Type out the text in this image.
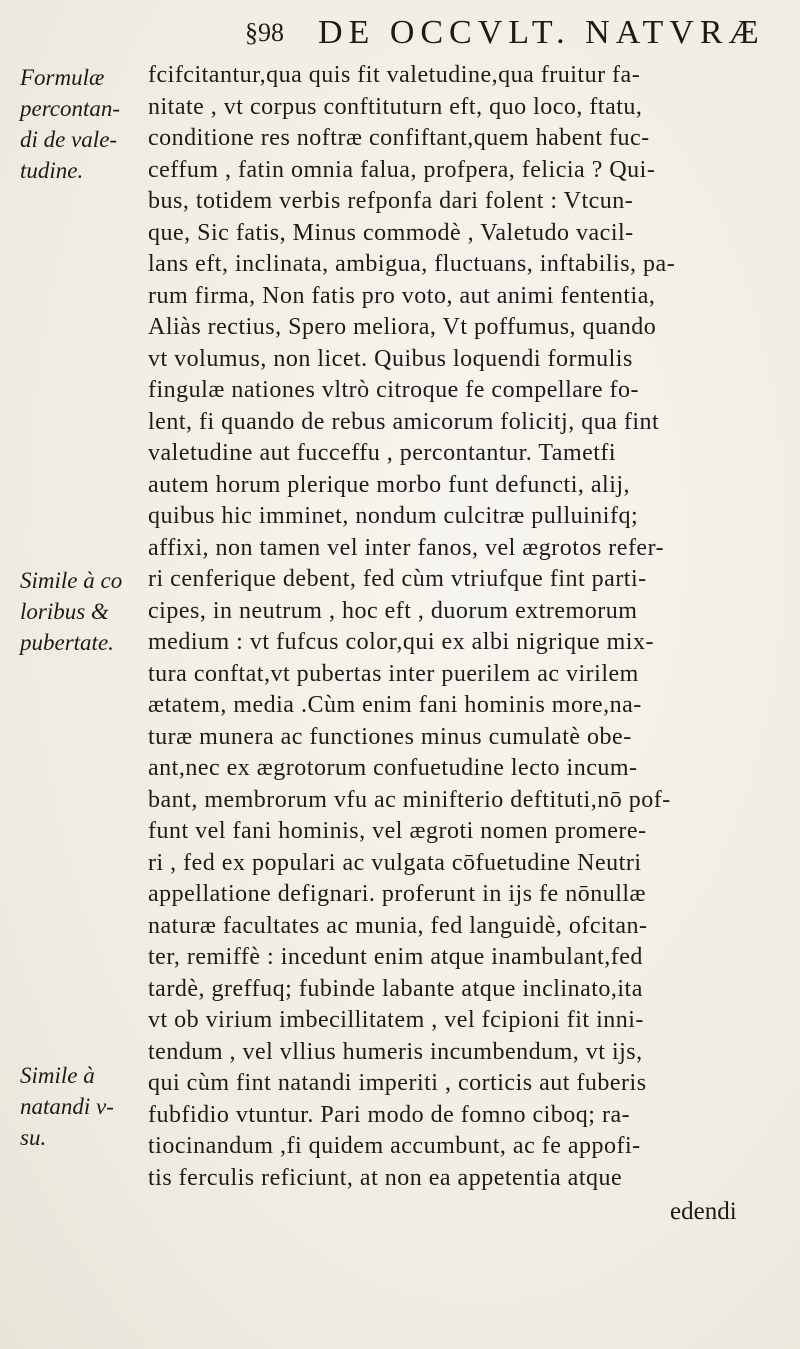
§98 DE OCCVLT. NATVRÆ
Formulæ
percontan-
di de vale-
tudine.
Simile à co
loribus &
pubertate.
Simile à
natandi v-
su.
fcifcitantur,qua quis fit valetudine,qua fruitur fa-
nitate , vt corpus conftituturn eft, quo loco, ftatu,
conditione res noftræ confiftant,quem habent fuc-
ceffum , fatin omnia falua, profpera, felicia ? Qui-
bus, totidem verbis refponfa dari folent : Vtcun-
que, Sic fatis, Minus commodè , Valetudo vacil-
lans eft, inclinata, ambigua, fluctuans, inftabilis, pa-
rum firma, Non fatis pro voto, aut animi fententia,
Aliàs rectius, Spero meliora, Vt poffumus, quando
vt volumus, non licet. Quibus loquendi formulis
fingulæ nationes vltrò citroque fe compellare fo-
lent, fi quando de rebus amicorum folicitj, qua fint
valetudine aut fucceffu , percontantur. Tametfi
autem horum plerique morbo funt defuncti, alij,
quibus hic imminet, nondum culcitræ pulluinifq;
affixi, non tamen vel inter fanos, vel ægrotos refer-
ri cenferique debent, fed cùm vtriufque fint parti-
cipes, in neutrum , hoc eft , duorum extremorum
medium : vt fufcus color,qui ex albi nigrique mix-
tura conftat,vt pubertas inter puerilem ac virilem
ætatem, media .Cùm enim fani hominis more,na-
turæ munera ac functiones minus cumulatè obe-
ant,nec ex ægrotorum confuetudine lecto incum-
bant, membrorum vfu ac minifterio deftituti,nō pof-
funt vel fani hominis, vel ægroti nomen promere-
ri , fed ex populari ac vulgata cōfuetudine Neutri
appellatione defignari. proferunt in ijs fe nōnullæ
naturæ facultates ac munia, fed languidè, ofcitan-
ter, remiffè : incedunt enim atque inambulant,fed
tardè, greffuq; fubinde labante atque inclinato,ita
vt ob virium imbecillitatem , vel fcipioni fit inni-
tendum , vel vllius humeris incumbendum, vt ijs,
qui cùm fint natandi imperiti , corticis aut fuberis
fubfidio vtuntur. Pari modo de fomno ciboq; ra-
tiocinandum ,fi quidem accumbunt, ac fe appofi-
tis ferculis reficiunt, at non ea appetentia atque
edendi
